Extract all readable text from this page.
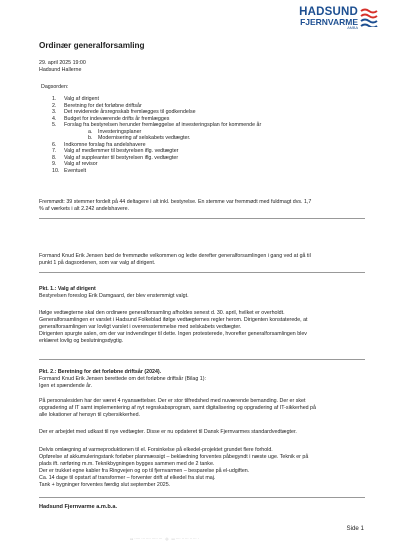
HADSUND
FJERNVARME
AMBA
Ordinær generalforsamling
29. april 2025 19:00
Hadsund Hallerne
Dagsorden:
1. Valg af dirigent
2. Beretning for det forløbne driftsår
3. Det reviderede årsregnskab fremlægges til godkendelse
4. Budget for indeværende drifts år fremlægges
5. Forslag fra bestyrelsen herunder fremlæggelse af investeringsplan for kommende år
6. Indkomne forslag fra andelshavere
7. Valg af medlemmer til bestyrelsen iflg. vedtægter
8. Valg af suppleanter til bestyrelsen iflg. vedtægter
9. Valg af revisor
10. Eventuelt
a. Investeringsplaner
b. Modernisering af selskabets vedtægter.
Fremmødt: 39 stemmer fordelt på 44 deltagere i alt inkl. bestyrelse. En stemme var fremmødt med fuldmagt dvs. 1,7
% af værkets i alt 2.242 andelshavere.
Formand Knud Erik Jensen bød de fremmødte velkommen og ledte derefter generalforsamlingen i gang ved at gå til
punkt 1 på dagsordenen, som var valg af dirigent.
Pkt. 1.: Valg af dirigent
Bestyrelsen foreslog Erik Damgaard, der blev enstemmigt valgt.
Ifølge vedtægterne skal den ordinære generalforsamling afholdes senest d. 30. april, hvilket er overholdt.
Generalforsamlingen er varslet i Hadsund Folkeblad ifølge vedtægternes regler herom. Dirigenten konstaterede, at
generalforsamlingen var lovligt varslet i overensstemmelse med selskabets vedtægter.
Dirigenten spurgte salen, om der var indvendinger til dette. Ingen protesterede, hvorefter generalforsamlingen blev
erklæret lovlig og beslutningsdygtig.
Pkt. 2.: Beretning for det forløbne driftsår (2024).
Formand Knud Erik Jensen berettede om det forløbne driftsår (Bilag 1):
Igen et spændende år.
På personalesiden har der været 4 nyansættelser. Der er stor tilfredshed med nuværende bemanding. Der er sket
opgradering af IT samt implementering af nyt regnskabsprogram, samt digitalisering og opgradering af IT-sikkerhed på
alle lokationer af hensyn til cybersikkerhed.
Der er arbejdet med udkast til nye vedtægter. Disse er nu opdateret til Dansk Fjernvarmes standardvedtægter.
Delvis omlægning af varmeproduktionen til el. Forsinkelse på elkedel-projektet grundet flere forhold.
Opførelse af akkumuleringstank forløber planmæssigt – beklædning forventes påbegyndt i næste uge. Teknik er på
plads ift. rørføring m.m. Teknikbygningen bygges sammen med de 2 tanke.
Der er trukket egne kabler fra Ringvejen og op til fjernvarmen – besparelse på el-udgiften.
Ca. 14 dage til opstart af transformer – forventer drift af elkedel fra slut maj.
Tank + bygninger forventes færdig slut september 2025.
Hadsund Fjernvarme a.m.b.a.
Side 1
▭ ····· ··· ···· ····· ···   ◎   ▭ ···· ·· ··· ·· ··· ·
